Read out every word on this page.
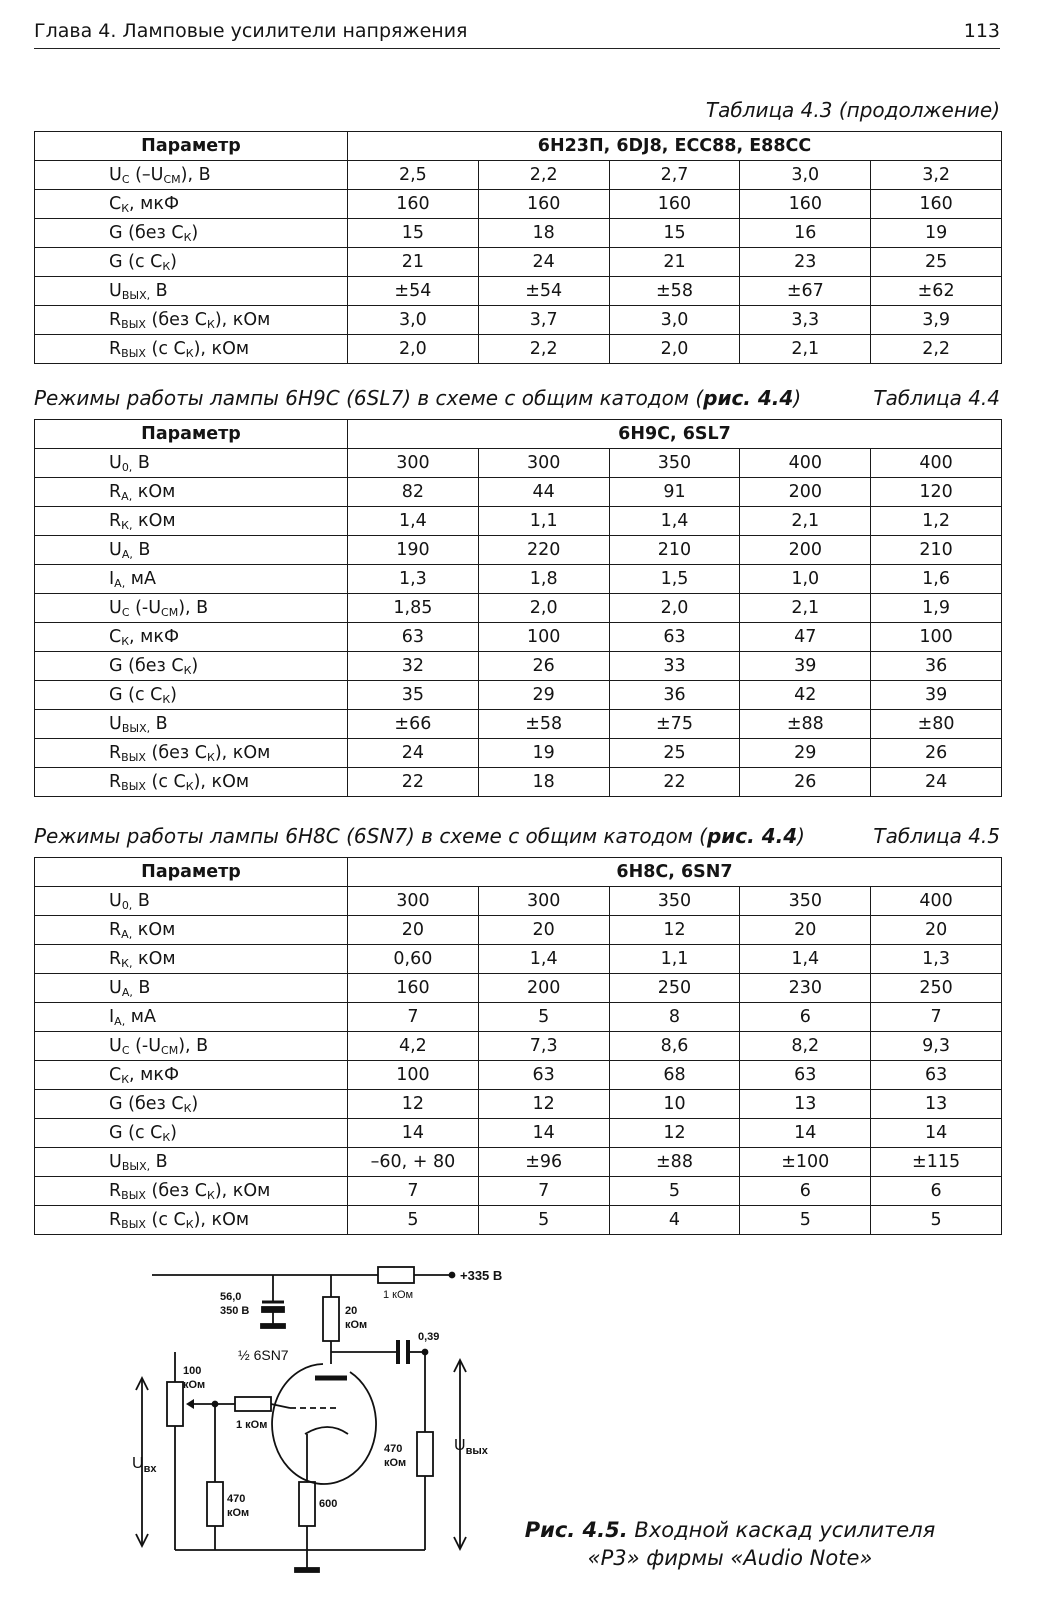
Глава 4. Ламповые усилители напряжения	113
Таблица 4.3 (продолжение)
Параметр	6Н23П, 6DJ8, ECC88, E88CC				
$U_С$ $(-U_{СМ})$, В	2,5	2,2	2,7	3,0	3,2
$С_К$, мкФ	160	160	160	160	160
G (без $С_К$)	15	18	15	16	19
G (с $С_К$)	21	24	21	23	25
$U_{ВЫХ,}$ В	±54	±54	±58	±67	±62
$R_{ВЫХ}$ (без $С_К$), кОм	3,0	3,7	3,0	3,3	3,9
$R_{ВЫХ}$ (с $С_К$), кОм	2,0	2,2	2,0	2,1	2,2
Режимы работы лампы 6Н9С (6SL7) в схеме с общим катодом (рис. 4.4)	Таблица 4.4
Параметр	6Н9С, 6SL7				
$U_{0,}$ В	300	300	350	400	400
$R_{А,}$ кОм	82	44	91	200	120
$R_{К,}$ кОм	1,4	1,1	1,4	2,1	1,2
$U_{А,}$ В	190	220	210	200	210
$I_{А,}$ мА	1,3	1,8	1,5	1,0	1,6
$U_С$ $(-U_{СМ})$, В	1,85	2,0	2,0	2,1	1,9
$С_К$, мкФ	63	100	63	47	100
G (без $С_К$)	32	26	33	39	36
G (с $С_К$)	35	29	36	42	39
$U_{ВЫХ,}$ В	±66	±58	±75	±88	±80
$R_{ВЫХ}$ (без $С_К$), кОм	24	19	25	29	26
$R_{ВЫХ}$ (с $С_К$), кОм	22	18	22	26	24
Режимы работы лампы 6Н8С (6SN7) в схеме с общим катодом (рис. 4.4)	Таблица 4.5
Параметр	6Н8С, 6SN7				
$U_{0,}$ В	300	300	350	350	400
$R_{А,}$ кОм	20	20	12	20	20
$R_{К,}$ кОм	0,60	1,4	1,1	1,4	1,3
$U_{А,}$ В	160	200	250	230	250
$I_{А,}$ мА	7	5	8	6	7
$U_С$ $(-U_{СМ})$, В	4,2	7,3	8,6	8,2	9,3
$С_К$, мкФ	100	63	68	63	63
G (без $С_К$)	12	12	10	13	13
G (с $С_К$)	14	14	12	14	14
$U_{ВЫХ,}$ В	–60, + 80	±96	±88	±100	±115
$R_{ВЫХ}$ (без $С_К$), кОм	7	7	5	6	6
$R_{ВЫХ}$ (с $С_К$), кОм	5	5	4	5	5
+335 В
1 кОм
56,0
350 В	20
кОм
0,39
½ 6SN7
100
кОм
1 кОм
470
кОм
600
470
кОм
$U_{вх}$
$U_{вых}$
Рис. 4.5. Входной каскад усилителя
«Р3» фирмы «Audio Note»
